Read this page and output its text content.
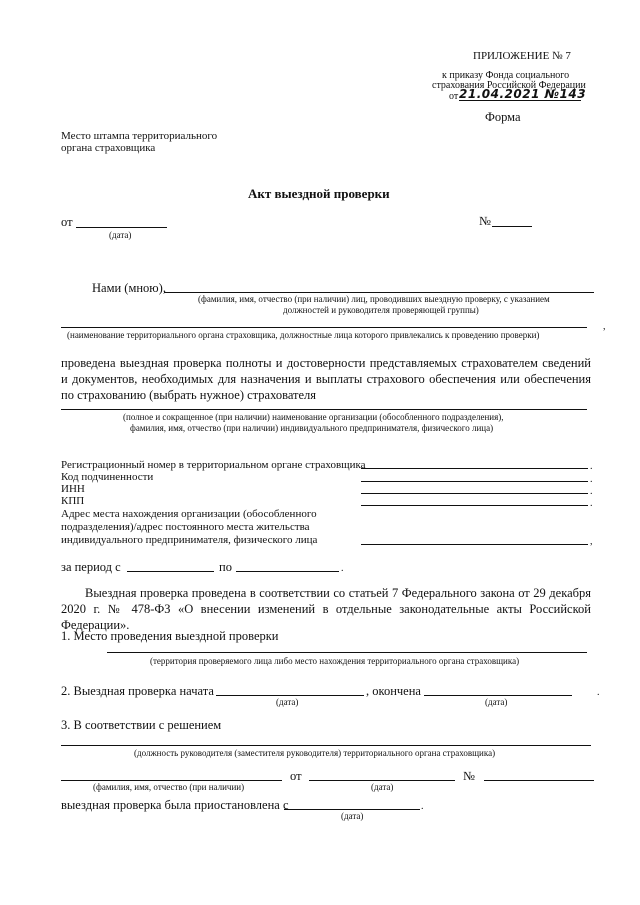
ПРИЛОЖЕНИЕ № 7
к приказу Фонда социального
страхования Российской Федерации
от 21.04.2021 №143
Форма
Место штампа территориального
органа страховщика
Акт выездной проверки
от
(дата)
№
Нами (мною),
(фамилия, имя, отчество (при наличии) лиц, проводивших выездную проверку, с указанием
должностей и руководителя проверяющей группы)
,
(наименование территориального органа страховщика, должностные лица которого привлекались к проведению проверки)
проведена выездная проверка полноты и достоверности представляемых страхователем сведений и документов, необходимых для назначения и выплаты страхового обеспечения или обеспечения по страхованию (выбрать нужное) страхователя
(полное и сокращенное (при наличии) наименование организации (обособленного подразделения),
фамилия, имя, отчество (при наличии) индивидуального предпринимателя, физического лица)
Регистрационный номер в территориальном органе страховщика	.
Код подчиненности	.
ИНН	.
КПП	.
Адрес места нахождения организации (обособленного
подразделения)/адрес постоянного места жительства
индивидуального предпринимателя, физического лица	,
за период с	по	.
Выездная проверка проведена в соответствии со статьей 7 Федерального закона от 29 декабря 2020 г. № 478-ФЗ «О внесении изменений в отдельные законодательные акты Российской Федерации».
1. Место проведения выездной проверки
(территория проверяемого лица либо место нахождения территориального органа страховщика)
2. Выездная проверка начата
(дата)
, окончена
(дата)
.
3. В соответствии с решением
(должность руководителя (заместителя руководителя) территориального органа страховщика)
от	№
(фамилия, имя, отчество (при наличии)	(дата)
выездная проверка была приостановлена с	.
(дата)
